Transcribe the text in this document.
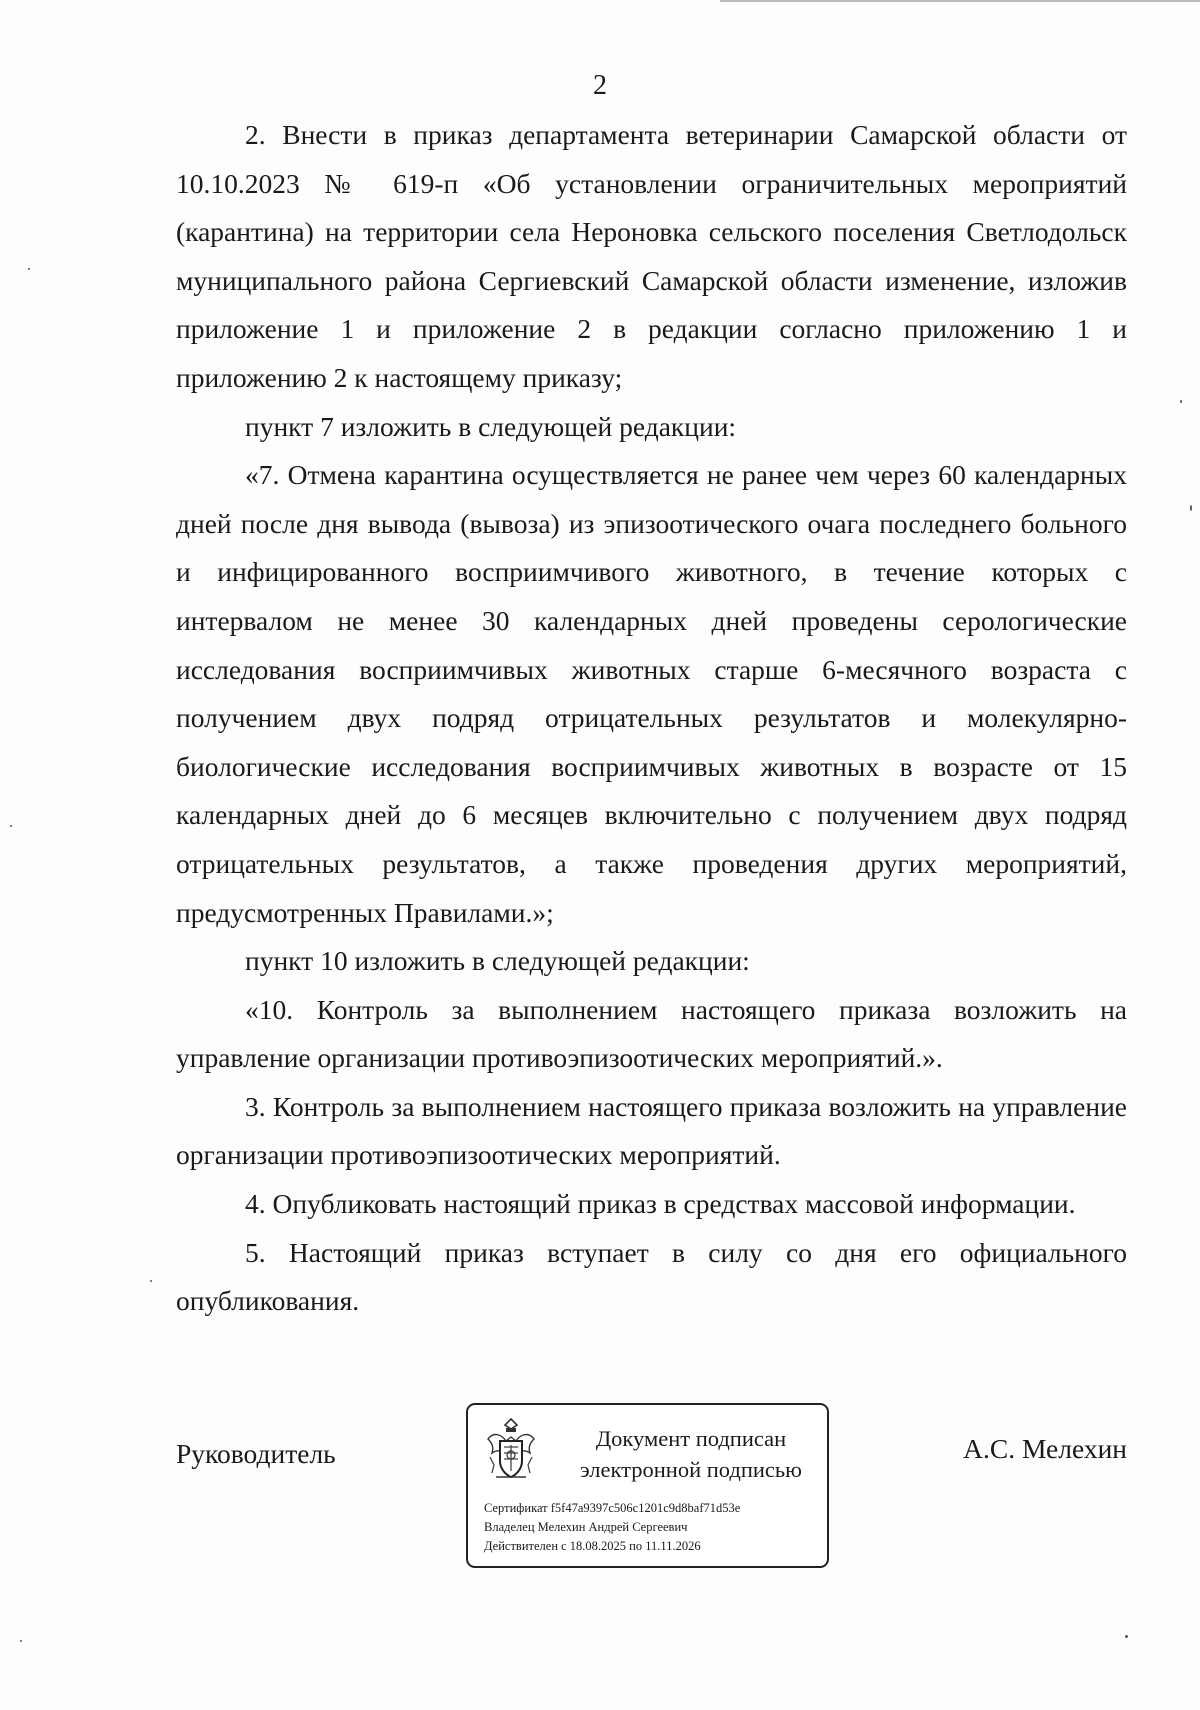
2

2. Внести в приказ департамента ветеринарии Самарской области от 10.10.2023 № 619-п «Об установлении ограничительных мероприятий (карантина) на территории села Нероновка сельского поселения Светлодольск муниципального района Сергиевский Самарской области изменение, изложив приложение 1 и приложение 2 в редакции согласно приложению 1 и приложению 2 к настоящему приказу;

пункт 7 изложить в следующей редакции:

«7. Отмена карантина осуществляется не ранее чем через 60 календарных дней после дня вывода (вывоза) из эпизоотического очага последнего больного и инфицированного восприимчивого животного, в течение которых с интервалом не менее 30 календарных дней проведены серологические исследования восприимчивых животных старше 6-месячного возраста с получением двух подряд отрицательных результатов и молекулярно-биологические исследования восприимчивых животных в возрасте от 15 календарных дней до 6 месяцев включительно с получением двух подряд отрицательных результатов, а также проведения других мероприятий, предусмотренных Правилами.»;

пункт 10 изложить в следующей редакции:

«10. Контроль за выполнением настоящего приказа возложить на управление организации противоэпизоотических мероприятий.».

3. Контроль за выполнением настоящего приказа возложить на управление организации противоэпизоотических мероприятий.

4. Опубликовать настоящий приказ в средствах массовой информации.

5. Настоящий приказ вступает в силу со дня его официального опубликования.

Руководитель	А.С. Мелехин
Документ подписан
электронной подписью
Сертификат f5f47a9397c506c1201c9d8baf71d53e
Владелец Мелехин Андрей Сергеевич
Действителен с 18.08.2025 по 11.11.2026
